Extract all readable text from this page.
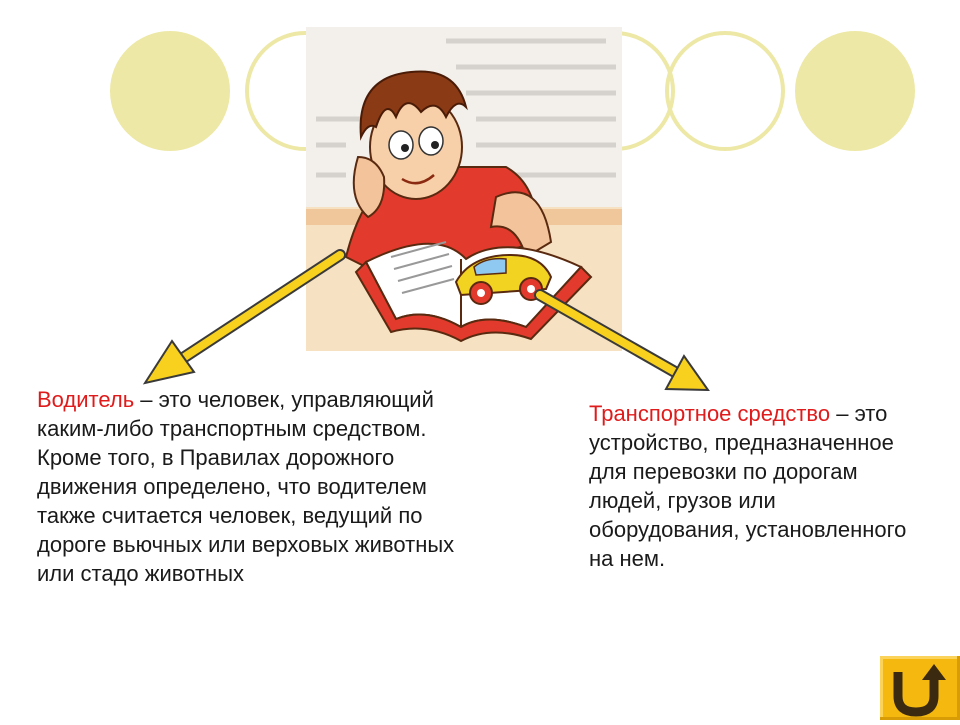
Водитель – это человек, управляющий каким-либо транспортным средством. Кроме того, в Правилах дорожного движения определено, что водителем также считается человек, ведущий по дороге вьючных или верховых животных или стадо животных

Транспортное средство – это устройство, предназначенное для перевозки по дорогам людей, грузов или оборудования, установленного на нем.
